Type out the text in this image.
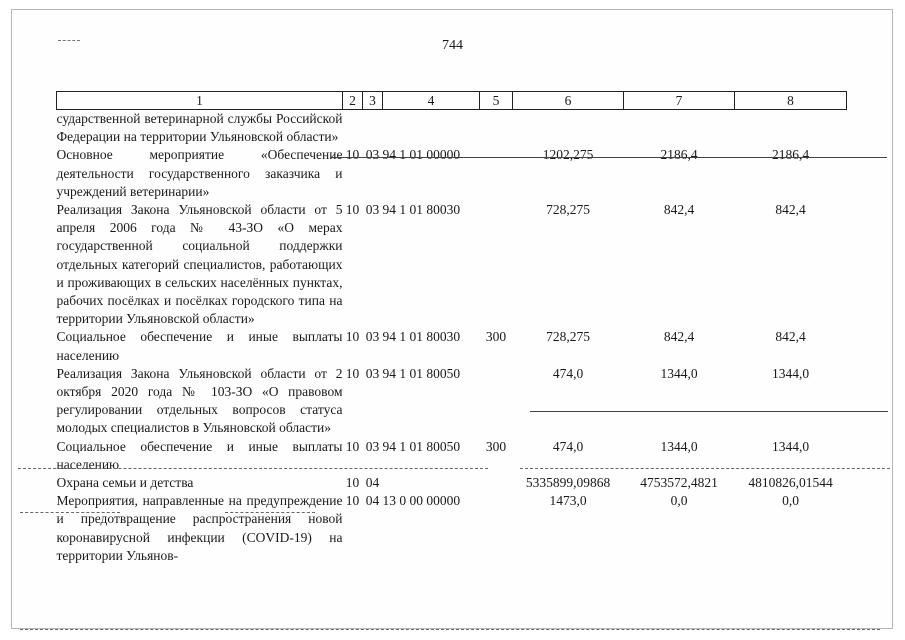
744
1	2	3	4	5	6	7	8
сударственной ветеринарной службы Российской Федерации на территории Ульяновской области»							
Основное мероприятие «Обеспечение деятельности государственного заказчика и учреждений ветеринарии»	10	03	94 1 01 00000		1202,275	2186,4	2186,4
Реализация Закона Ульяновской области от 5 апреля 2006 года № 43-ЗО «О мерах государственной социальной поддержки отдельных категорий специалистов, работающих и проживающих в сельских населённых пунктах, рабочих посёлках и посёлках городского типа на территории Ульяновской области»	10	03	94 1 01 80030		728,275	842,4	842,4
Социальное обеспечение и иные выплаты населению	10	03	94 1 01 80030	300	728,275	842,4	842,4
Реализация Закона Ульяновской области от 2 октября 2020 года № 103-ЗО «О правовом регулировании отдельных вопросов статуса молодых специалистов в Ульяновской области»	10	03	94 1 01 80050		474,0	1344,0	1344,0
Социальное обеспечение и иные выплаты населению	10	03	94 1 01 80050	300	474,0	1344,0	1344,0
Охрана семьи и детства	10	04			5335899,09868	4753572,4821	4810826,01544
Мероприятия, направленные на предупреждение и предотвращение распространения новой коронавирусной инфекции (COVID-19) на территории Ульянов-	10	04	13 0 00 00000		1473,0	0,0	0,0
